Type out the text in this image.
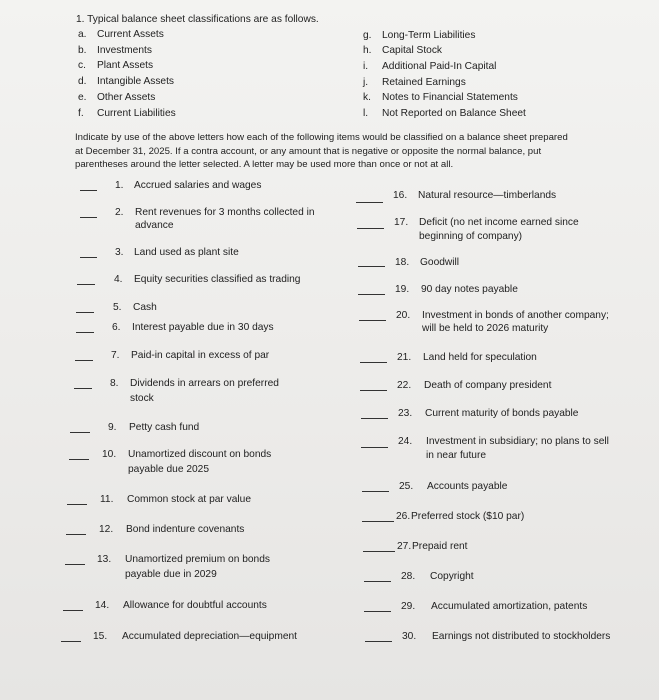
1. Typical balance sheet classifications are as follows.
a. Current Assets
b. Investments
c. Plant Assets
d. Intangible Assets
e. Other Assets
f. Current Liabilities
g. Long-Term Liabilities
h. Capital Stock
i. Additional Paid-In Capital
j. Retained Earnings
k. Notes to Financial Statements
l. Not Reported on Balance Sheet
Indicate by use of the above letters how each of the following items would be classified on a balance sheet prepared
at December 31, 2025. If a contra account, or any amount that is negative or opposite the normal balance, put
parentheses around the letter selected. A letter may be used more than once or not at all.
1. Accrued salaries and wages
2. Rent revenues for 3 months collected in
advance
3. Land used as plant site
4. Equity securities classified as trading
5. Cash
6. Interest payable due in 30 days
7. Paid-in capital in excess of par
8. Dividends in arrears on preferred
stock
9. Petty cash fund
10. Unamortized discount on bonds
payable due 2025
11. Common stock at par value
12. Bond indenture covenants
13. Unamortized premium on bonds
payable due in 2029
14. Allowance for doubtful accounts
15. Accumulated depreciation—equipment
16. Natural resource—timberlands
17. Deficit (no net income earned since
beginning of company)
18. Goodwill
19. 90 day notes payable
20. Investment in bonds of another company;
will be held to 2026 maturity
21. Land held for speculation
22. Death of company president
23. Current maturity of bonds payable
24. Investment in subsidiary; no plans to sell
in near future
25. Accounts payable
26. Preferred stock ($10 par)
27. Prepaid rent
28. Copyright
29. Accumulated amortization, patents
30. Earnings not distributed to stockholders
